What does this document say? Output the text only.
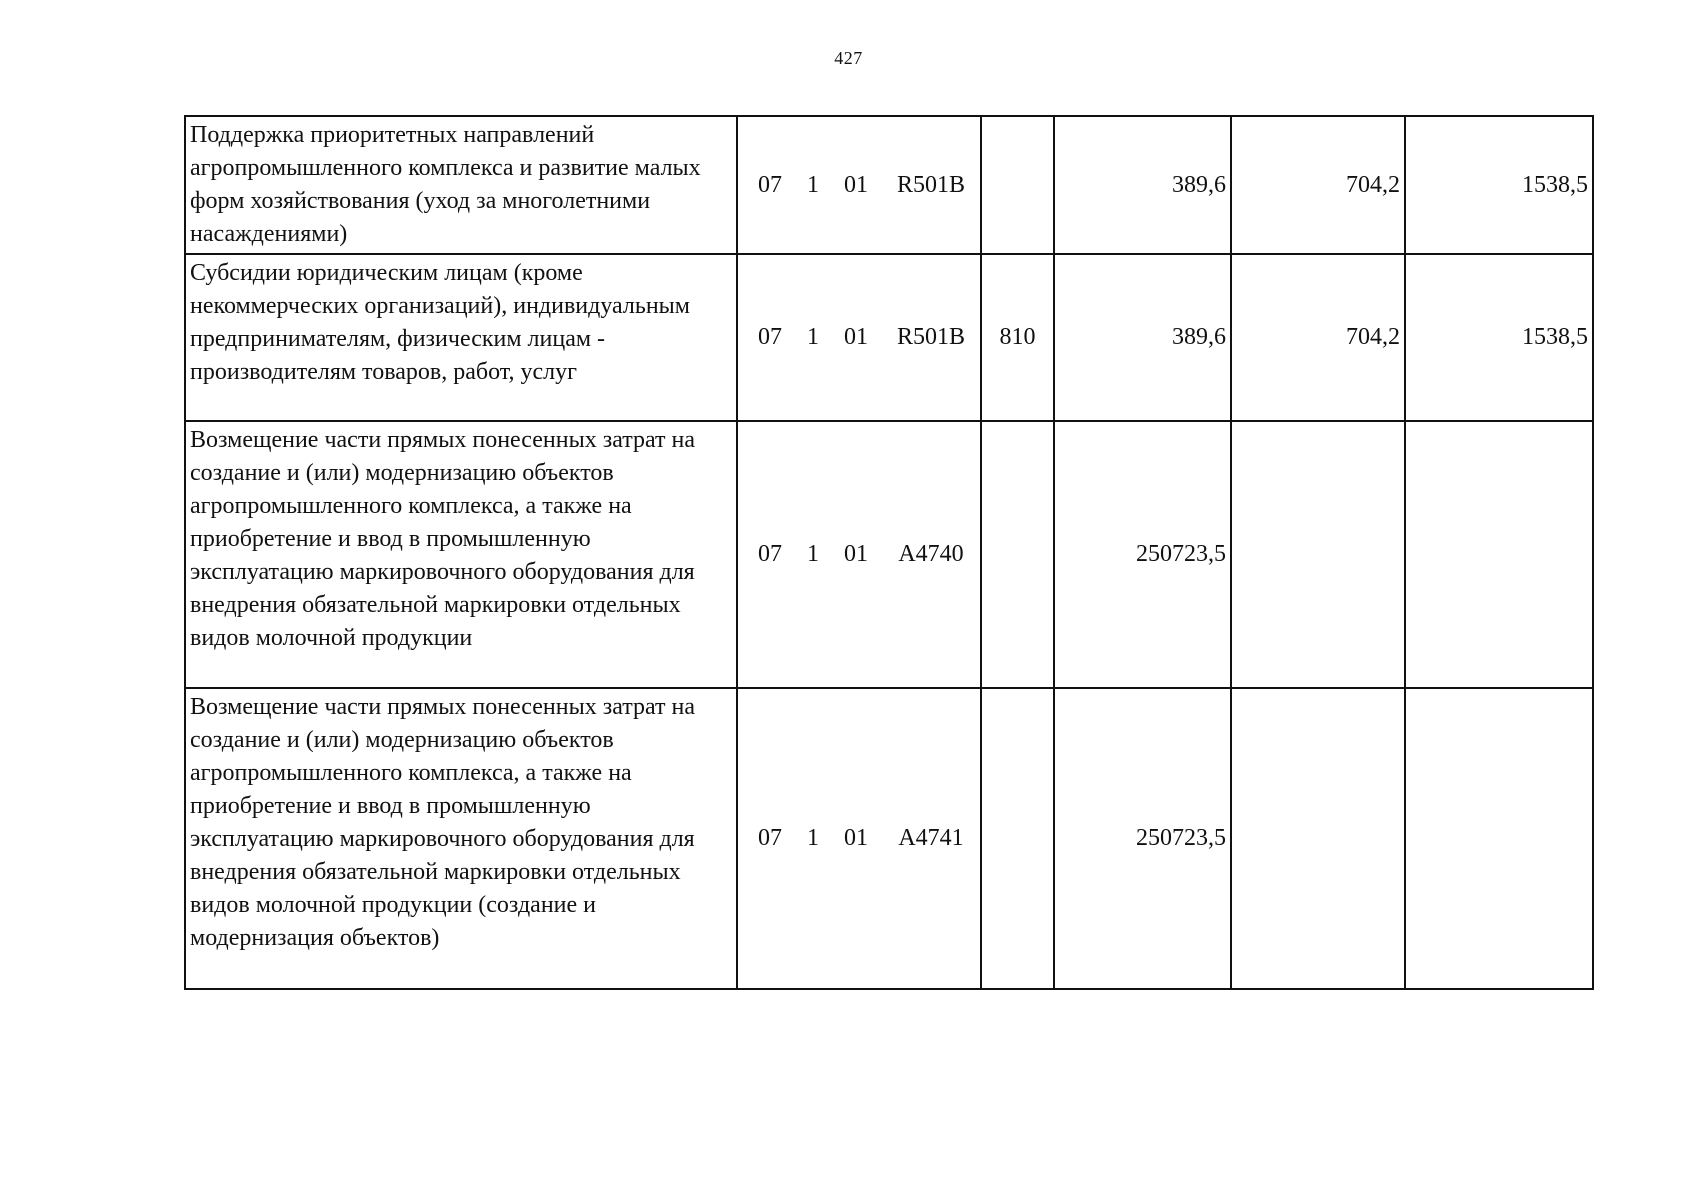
427
Поддержка приоритетных направлений агропромышленного комплекса и развитие малых форм хозяйствования (уход за многолетними насаждениями)	07 1 01 R501B		389,6	704,2	1538,5
Субсидии юридическим лицам (кроме некоммерческих организаций), индивидуальным предпринимателям, физическим лицам - производителям товаров, работ, услуг	07 1 01 R501B	810	389,6	704,2	1538,5
Возмещение части прямых понесенных затрат на создание и (или) модернизацию объектов агропромышленного комплекса, а также на приобретение и ввод в промышленную эксплуатацию маркировочного оборудования для внедрения обязательной маркировки отдельных видов молочной продукции	07 1 01 A4740		250723,5		
Возмещение части прямых понесенных затрат на создание и (или) модернизацию объектов агропромышленного комплекса, а также на приобретение и ввод в промышленную эксплуатацию маркировочного оборудования для внедрения обязательной маркировки отдельных видов молочной продукции (создание и модернизация объектов)	07 1 01 A4741		250723,5		
